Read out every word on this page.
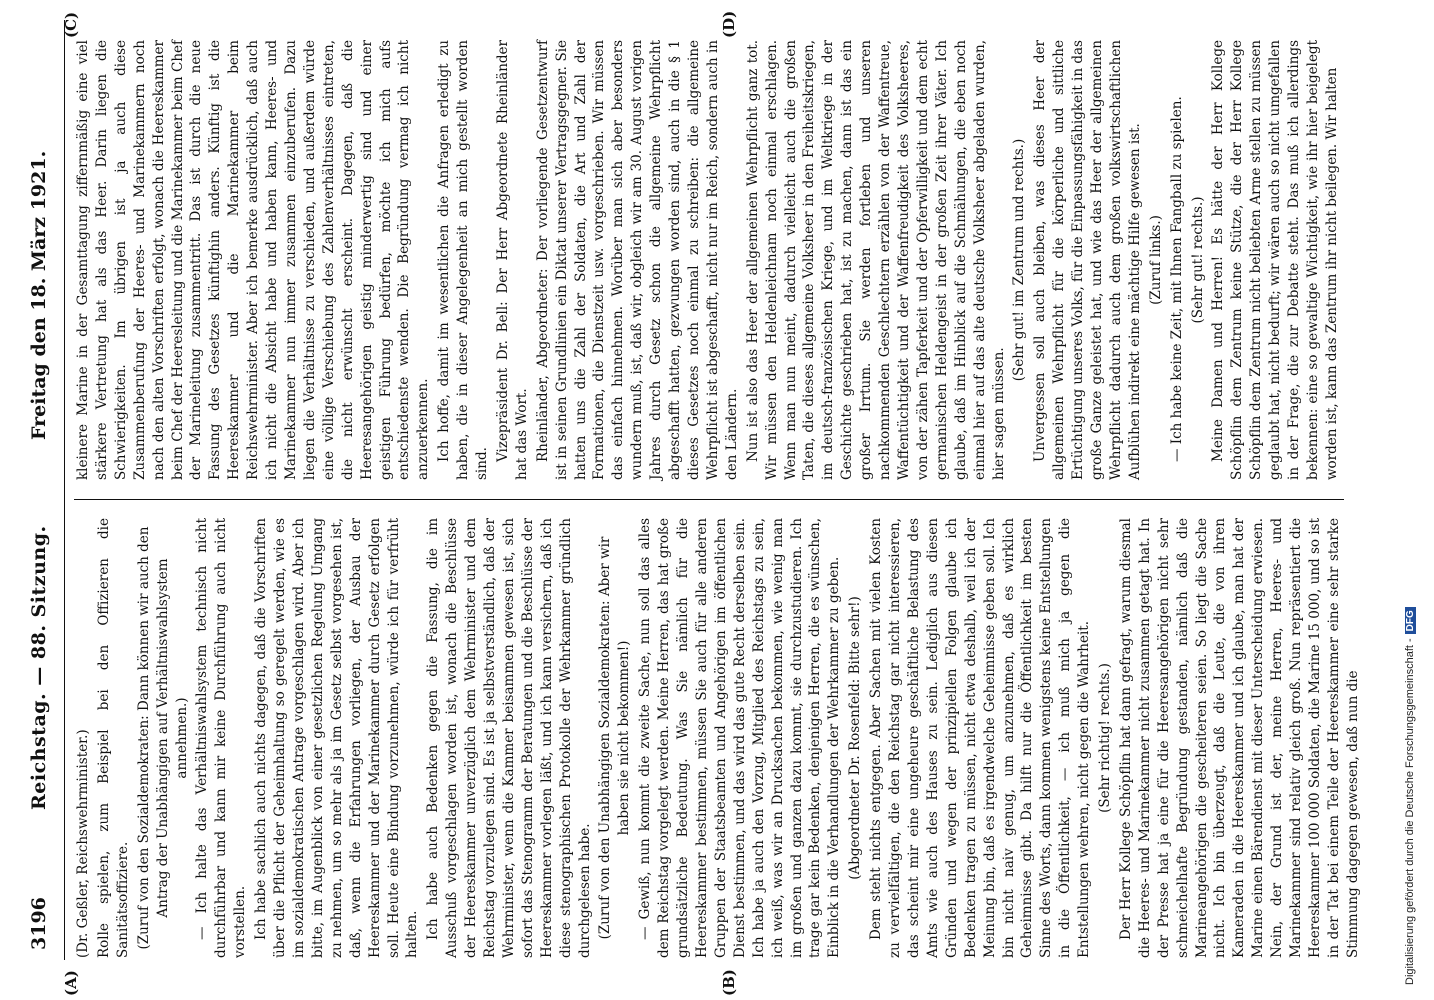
3196
Reichstag. — 88. Sitzung.
Freitag den 18. März 1921.
(A)	(B)
(C)	(D)

(Dr. Geßler, Reichswehrminister.) Rolle spielen, zum Beispiel bei den Offizieren die Sanitätsoffiziere. (Zuruf von den Sozialdemokraten: Dann können wir auch den Antrag der Unabhängigen auf Verhältniswahlsystem annehmen.) — Ich halte das Verhältniswahlsystem technisch nicht durchführbar und kann mir keine Durchführung auch nicht vorstellen. Ich habe sachlich auch nichts dagegen, daß die Vorschriften über die Pflicht der Geheimhaltung so geregelt werden, wie es im sozialdemokratischen Antrage vorgeschlagen wird. Aber ich bitte, im Augenblick von einer gesetzlichen Regelung Umgang zu nehmen, um so mehr als ja im Gesetz selbst vorgesehen ist, daß, wenn die Erfahrungen vorliegen, der Ausbau der Heereskammer und der Marinekammer durch Gesetz erfolgen soll. Heute eine Bindung vorzunehmen, würde ich für verfrüht halten. Ich habe auch Bedenken gegen die Fassung, die im Ausschuß vorgeschlagen worden ist, wonach die Beschlüsse der Heereskammer unverzüglich dem Wehrminister und dem Reichstag vorzulegen sind. Es ist ja selbstverständlich, daß der Wehrminister, wenn die Kammer beisammen gewesen ist, sich sofort das Stenogramm der Beratungen und die Beschlüsse der Heereskammer vorlegen läßt, und ich kann versichern, daß ich diese stenographischen Protokolle der Wehrkammer gründlich durchgelesen habe. (Zuruf von den Unabhängigen Sozialdemokraten: Aber wir haben sie nicht bekommen!) — Gewiß, nun kommt die zweite Sache, nun soll das alles dem Reichstag vorgelegt werden. Meine Herren, das hat große grundsätzliche Bedeutung. Was Sie nämlich für die Heereskammer bestimmen, müssen Sie auch für alle anderen Gruppen der Staatsbeamten und Angehörigen im öffentlichen Dienst bestimmen, und das wird das gute Recht derselben sein. Ich habe ja auch den Vorzug, Mitglied des Reichstags zu sein, ich weiß, was wir an Drucksachen bekommen, wie wenig man im großen und ganzen dazu kommt, sie durchzustudieren. Ich trage gar kein Bedenken, denjenigen Herren, die es wünschen, Einblick in die Verhandlungen der Wehrkammer zu geben. (Abgeordneter Dr. Rosenfeld: Bitte sehr!) Dem steht nichts entgegen. Aber Sachen mit vielen Kosten zu vervielfältigen, die den Reichstag gar nicht interessieren, das scheint mir eine ungeheure geschäftliche Belastung des Amts wie auch des Hauses zu sein. Lediglich aus diesen Gründen und wegen der prinzipiellen Folgen glaube ich Bedenken tragen zu müssen, nicht etwa deshalb, weil ich der Meinung bin, daß es irgendwelche Geheimnisse geben soll. Ich bin nicht naiv genug, um anzunehmen, daß es wirklich Geheimnisse gibt. Da hilft nur die Öffentlichkeit im besten Sinne des Worts, dann kommen wenigstens keine Entstellungen in die Öffentlichkeit, — ich muß mich ja gegen die Entstellungen wehren, nicht gegen die Wahrheit. (Sehr richtig! rechts.) Der Herr Kollege Schöpflin hat dann gefragt, warum diesmal die Heeres- und Marinekammer nicht zusammen getagt hat. In der Presse hat ja eine für die Heeresangehörigen nicht sehr schmeichelhafte Begründung gestanden, nämlich daß die Marineangehörigen die gescheiteren seien. So liegt die Sache nicht. Ich bin überzeugt, daß die Leute, die von ihren Kameraden in die Heereskammer und ich glaube, man hat der Marine einen Bärendienst mit dieser Unterscheidung erwiesen. Nein, der Grund ist der, meine Herren, Heeres- und Marinekammer sind relativ gleich groß. Nun repräsentiert die Heereskammer 100 000 Soldaten, die Marine 15 000, und so ist in der Tat bei einem Teile der Heereskammer eine sehr starke Stimmung dagegen gewesen, daß nun die

kleinere Marine in der Gesamttagung ziffernmäßig eine viel stärkere Vertretung hat als das Heer. Darin liegen die Schwierigkeiten. Im übrigen ist ja auch diese Zusammenberufung der Heeres- und Marinekammern noch nach den alten Vorschriften erfolgt, wonach die Heereskammer beim Chef der Heeresleitung und die Marinekammer beim Chef der Marineleitung zusammentritt. Das ist durch die neue Fassung des Gesetzes künftighin anders. Künftig ist die Heereskammer und die Marinekammer beim Reichswehrminister. Aber ich bemerke ausdrücklich, daß auch ich nicht die Absicht habe und haben kann, Heeres- und Marinekammer nun immer zusammen einzuberufen. Dazu liegen die Verhältnisse zu verschieden, und außerdem würde eine völlige Verschiebung des Zahlenverhältnisses eintreten, die nicht erwünscht erscheint. Dagegen, daß die Heeresangehörigen geistig minderwertig sind und einer geistigen Führung bedürfen, möchte ich mich aufs entschiedenste wenden. Die Begründung vermag ich nicht anzuerkennen. Ich hoffe, damit im wesentlichen die Anfragen erledigt zu haben, die in dieser Angelegenheit an mich gestellt worden sind.

Vizepräsident Dr. Bell: Der Herr Abgeordnete Rheinländer hat das Wort. Rheinländer, Abgeordneter: Der vorliegende Gesetzentwurf ist in seinen Grundlinien ein Diktat unserer Vertragsgegner. Sie hatten uns die Zahl der Soldaten, die Art und Zahl der Formationen, die Dienstzeit usw. vorgeschrieben. Wir müssen das einfach hinnehmen. Worüber man sich aber besonders wundern muß, ist, daß wir, obgleich wir am 30. August vorigen Jahres durch Gesetz schon die allgemeine Wehrpflicht abgeschafft hatten, gezwungen worden sind, auch in die § 1 dieses Gesetzes noch einmal zu schreiben: die allgemeine Wehrpflicht ist abgeschafft, nicht nur im Reich, sondern auch in den Ländern. Nun ist also das Heer der allgemeinen Wehrpflicht ganz tot. Wir müssen den Heldenleichnam noch einmal erschlagen. Wenn man nun meint, dadurch vielleicht auch die großen Taten, die dieses allgemeine Volksheer in den Freiheitskriegen, im deutsch-französischen Kriege, und im Weltkriege in der Geschichte geschrieben hat, ist zu machen, dann ist das ein großer Irrtum. Sie werden fortleben und unseren nachkommenden Geschlechtern erzählen von der Waffentreue, Waffentüchtigkeit und der Waffenfreudigkeit des Volksheeres, von der zähen Tapferkeit und der Opferwilligkeit und dem echt germanischen Heldengeist in der großen Zeit ihrer Väter. Ich glaube, daß im Hinblick auf die Schmähungen, die eben noch einmal hier auf das alte deutsche Volksheer abgeladen wurden, hier sagen müssen.

(Sehr gut! im Zentrum und rechts.) Unvergessen soll auch bleiben, was dieses Heer der allgemeinen Wehrpflicht für die körperliche und sittliche Ertüchtigung unseres Volks, für die Einpassungsfähigkeit in das große Ganze geleistet hat, und wie das Heer der allgemeinen Wehrpflicht dadurch auch dem großen volkswirtschaftlichen Aufblühen indirekt eine mächtige Hilfe gewesen ist. (Zuruf links.) — Ich habe keine Zeit, mit Ihnen Fangball zu spielen. (Sehr gut! rechts.) Meine Damen und Herren! Es hätte der Herr Kollege Schöpflin dem Zentrum keine Stütze, die der Herr Kollege Schöpflin dem Zentrum nicht beliebten Arme stellen zu müssen geglaubt hat, nicht bedurft; wir wären auch so nicht umgefallen in der Frage, die zur Debatte steht. Das muß ich allerdings bekennen: eine so gewaltige Wichtigkeit, wie ihr hier beigelegt worden ist, kann das Zentrum ihr nicht beilegen. Wir halten

Digitalisierung gefördert durch die Deutsche Forschungsgemeinschaft -DFG
